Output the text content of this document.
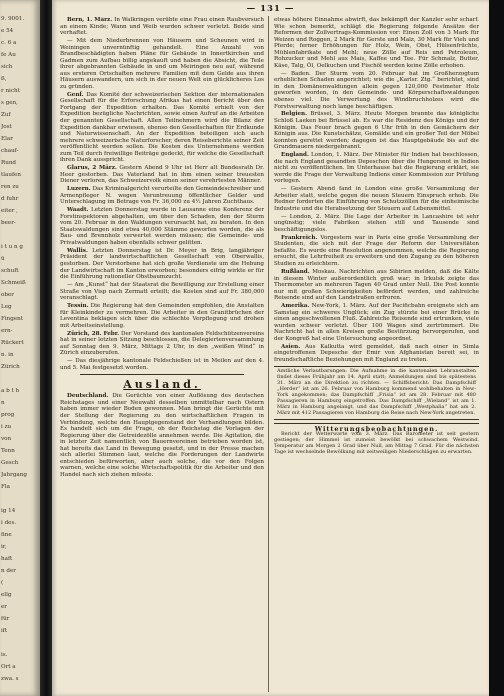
9. 9001.
e 54
c. 6 a
fe Au
sich
ß,
r nicht
s gen,
Zuf
Jost
Elar
chauf-
Rund
tlaufen
ren zu
d fuhr
eiter ,
beer-
i t u n g
ü
schuft
Schmeiß
ober
Leg
Fingent
ern-
Rückert
n. in
Zürich
a b t h
n
prog
i zu
von
Tenn
Gesch
Jahrgang
Fla
ig 14
i des.
fine
ir,
haft
n der
(
ellg
er
für
ift
is.
Ort a
zwa. s
— 131 —

Bern, 1. März. In Walkringen verübte eine Frau einen Raubversuch an einem Kinde; Wann und Weib wurden schwer verletzt. Beide sind verhaftet.

— Mit dem Niederbrennen von Häusern und Scheunen wird in Weiningen unvernünftig gehandelt. Eine Anzahl von Brandbeschädigten haben Pläne für Gebäude in Innertkirchen und Gadmen zum Aufbau billig angekauft und haben die Absicht, die Teile ihrer abgebrannten Gebäude in und um Meiringen neu auf, während aus ersteren Ortschaften mehrere Familien mit dem Gelde aus ihren Häusern auswandern, um sich in der neuen Welt ein glücklicheres Los zu gründen.

Genf. Das Komité der schweizerischen Sektion der internationalen Gesellschaft für die Erforschung Afrikas hat einen Bericht über den Fortgang der Expedition erhalten. Das Komité erhielt von der Expedition bezügliche Nachrichten, sowie einen Aufruf an die Arbeiten der genannten Gesellschaft. Allen Teilnehmern wird die Bilanz der Expedition dankbar erwiesen, ebenso den Gesellschaften für Erdkunde und Naturwissenschaft. An der Expedition beteiligen sich auch mehrere schweizerische Naturforscher, deren Reiseberichte seiner Zeit veröffentlicht werden sollen. Die Kosten des Unternehmens werden zum Teil durch freiwillige Beiträge gedeckt, für welche die Gesellschaft ihren Dank ausspricht.

Glarus, 2 März. Gestern Abend 9 Uhr ist Herr alt Bundesrath Dr. Heer gestorben. Das Vaterland hat in ihm einen seiner treuesten Diener verloren, das Schweizervolk einen seiner verehrtesten Männer.

Luzern. Das Kriminalgericht verurteilte den Gemeindeschreiber und Armenpfleger N. wegen Veruntreuung öffentlicher Gelder und Unterschlagung im Betrage von Fr. 36,000 zu 4½ Jahren Zuchthaus.

Waadt. Letzten Donnerstag wurde in Lausanne eine Konferenz der Forstinspektoren abgehalten, um über den Schaden, den der Sturm vom 20. Februar in den Waldungen verursacht hat, zu beraten. In den Staatswaldungen sind etwa 40,000 Stämme geworfen worden, die als Bau- und Brennholz verwertet werden müssen; die Gemeinde- und Privatwaldungen haben ebenfalls schwer gelitten.

Wallis. Letzten Donnerstag ist Dr. Meyer in Brig, langjähriger Präsident der landwirtschaftlichen Gesellschaft von Oberwallis, gestorben. Der Verstorbene hat sich große Verdienste um die Hebung der Landwirtschaft im Kanton erworben; besonders eifrig wirkte er für die Einführung rationeller Obstbaumzucht.

— Am „Kunst“ hat der Staatsrat die Bewilligung zur Erstellung einer Straße von Visp nach Zermatt erteilt; die Kosten sind auf Fr. 380,000 veranschlagt.

Tessin. Die Regierung hat den Gemeinden empfohlen, die Anstalten für Kleinkinder zu vermehren. Die Arbeiter in den Granitbrüchen der Leventina beklagen sich über die schlechte Verpflegung und drohen mit Arbeitseinstellung.

Zürich, 28. Febr. Der Vorstand des kantonalen Feldschützenvereins hat in seiner letzten Sitzung beschlossen, die Delegiertenversammlung auf Sonntag den 9. März, Mittags 2 Uhr, in den „weißen Wind“ in Zürich einzuberufen.

— Das diesjährige kantonale Feldschießen ist in Meilen auf den 4. und 5. Mai festgesetzt worden.

Ausland.

Deutschland. Die Gerüchte von einer Auflösung des deutschen Reichstages und einer Neuwahl desselben unmittelbar nach Ostern haben immer wieder Boden gewonnen. Man bringt die Gerüchte mit der Stellung der Regierung zu den wirtschaftlichen Fragen in Verbindung, welche den Hauptgegenstand der Verhandlungen bilden. Es handelt sich um die Frage, ob der Reichstag die Vorlagen der Regierung über die Getreidezölle annehmen werde. Die Agitation, die in letzter Zeit namentlich von Bauernvereinen betrieben worden ist, hat bereits das Land in Bewegung gesetzt, und in der Presse machen sich allerlei Stimmen laut, welche die Forderungen der Landwirte entschieden befürworten, aber auch solche, die vor den Folgen warnen, welche eine solche Wirtschaftspolitik für die Arbeiter und den Handel nach sich ziehen müsste.

etwas höhere Einnahme abwirft, das bekämpft der Kanzler sehr scharf. Wie schon bemerkt, schlägt die Regierung folgende Ansätze der Reformen der Zollvertrags-Kommission vor: Einen Zoll von 3 Mark für Weizen und Roggen, 2 Mark für Gerste und Malz, 30 Mark für Vieh und Pferde; ferner Erhöhungen für Holz, Wein, Obst, Hülsenfrüchte, Mühlenfabrikate und Mehl; neue Zölle auf Reis und Petroleum, Rohzucker und Mehl aus Mais, Kaffee und Tee. Für Schmalz, Butter, Käse, Talg, Öl, Oelkuchen und Fischöl werden keine Zölle erhoben.

— Baden. Der Sturm vom 20. Februar hat im Großherzogtum erheblichen Schaden angerichtet; wie die „Karlsr. Ztg.“ berichtet, sind in den Domänenwaldungen allein gegen 120,000 Festmeter Holz geworfen worden, in den Gemeinde- und Körperschaftswaldungen ebenso viel. Die Verwertung des Windbruchholzes wird die Forstverwaltung noch lange beschäftigen.

Belgien. Brüssel, 3. März. Heute Morgen brannte das königliche Schloß Laeken bei Brüssel ab. Es war die Residenz des Königs und der Königin. Das Feuer brach gegen 6 Uhr früh in den Gemächern der Königin aus. Die Kunstschätze, Gemälde und ein großer Teil der Möbel konnten gerettet werden; dagegen ist das Hauptgebäude bis auf die Grundmauern niedergebrannt.

England. London, 1. März. Der Minister für Indien hat beschlossen, die nach England gesandten Depeschen über die Hungersnot in Indien nicht zu veröffentlichen. Im Unterhause hat die Regierung erklärt, sie werde die Frage der Verwaltung Indiens einer Kommission zur Prüfung vorlegen.

— Gestern Abend fand in London eine große Versammlung der Arbeiter statt, welche gegen die neuen Steuern Einspruch erhob. Die Redner forderten die Einführung von Schutzzöllen für die einheimische Industrie und die Herabsetzung der Steuern auf Lebensmittel.

— London, 2. März. Die Lage der Arbeiter in Lancashire ist sehr ungünstig; viele Fabriken stehen still und Tausende sind beschäftigungslos.

Frankreich. Vorgestern war in Paris eine große Versammlung der Studenten, die sich mit der Frage der Reform der Universitäten befaßte. Es wurde eine Resolution angenommen, welche die Regierung ersucht, die Lehrfreiheit zu erweitern und den Zugang zu den höheren Studien zu erleichtern.

Rußland. Moskau. Nachrichten aus Sibirien melden, daß die Kälte in diesem Winter außerordentlich groß war; in Irkutsk zeigte das Thermometer an mehreren Tagen 40 Grad unter Null. Die Post konnte nur mit großen Schwierigkeiten befördert werden, und zahlreiche Reisende sind auf den Landstraßen erfroren.

Amerika. New-York, 1. März. Auf der Pacificbahn ereignete sich am Samstag ein schweres Unglück; ein Zug stürzte bei einer Brücke in einen angeschwollenen Fluß. Zahlreiche Reisende sind ertrunken, viele wurden schwer verletzt. Über 100 Wagen sind zertrümmert. Die Nachricht hat in allen Kreisen große Bestürzung hervorgerufen, und der Kongreß hat eine Untersuchung angeordnet.

Asien. Aus Kalkutta wird gemeldet, daß nach einer in Simla eingetroffenen Depesche der Emir von Afghanistan bereit sei, in freundschaftliche Beziehungen mit England zu treten.

Amtliche Verlautbarungen: Die Aufnahme in die kantonalen Lehranstalten findet dieses Frühjahr am 14. April statt; Anmeldungen sind bis spätestens 31. März an die Direktion zu richten. — Schiffsbericht: Das Dampfschiff „Herder“ ist am 26. Februar von Hamburg kommend wohlbehalten in New-York angekommen; das Dampfschiff „Frisia“ ist am 28. Februar mit 480 Passagieren in Hamburg eingetroffen. Das Dampfschiff „Wieland“ ist am 1. März in Hamburg angelangt, und das Dampfschiff „Westphalia“ hat am 2. März mit 412 Passagieren von Hamburg die Reise nach New-York angetreten.
Witterungsbeobachtungen.

Bericht der Wetterwarte vom 3. März. Das Barometer ist seit gestern gestiegen; der Himmel ist zumeist bewölkt bei schwachem Westwind. Temperatur am Morgen 2 Grad über Null, am Mittag 7 Grad. Für die nächsten Tage ist wechselnde Bewölkung mit zeitweiligen Niederschlägen zu erwarten.
